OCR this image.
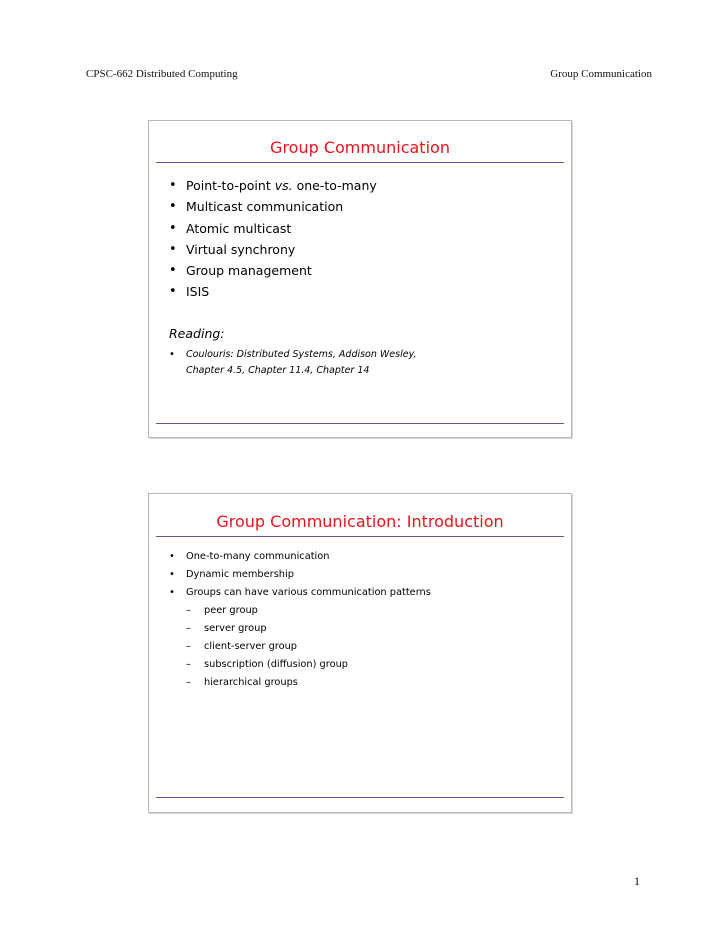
CPSC-662 Distributed Computing	Group Communication
Group Communication
• Point-to-point vs. one-to-many
• Multicast communication
• Atomic multicast
• Virtual synchrony
• Group management
• ISIS
Reading:
• Coulouris: Distributed Systems, Addison Wesley,
Chapter 4.5, Chapter 11.4, Chapter 14
Group Communication: Introduction
• One-to-many communication
• Dynamic membership
• Groups can have various communication patterns
– peer group
– server group
– client-server group
– subscription (diffusion) group
– hierarchical groups
1
